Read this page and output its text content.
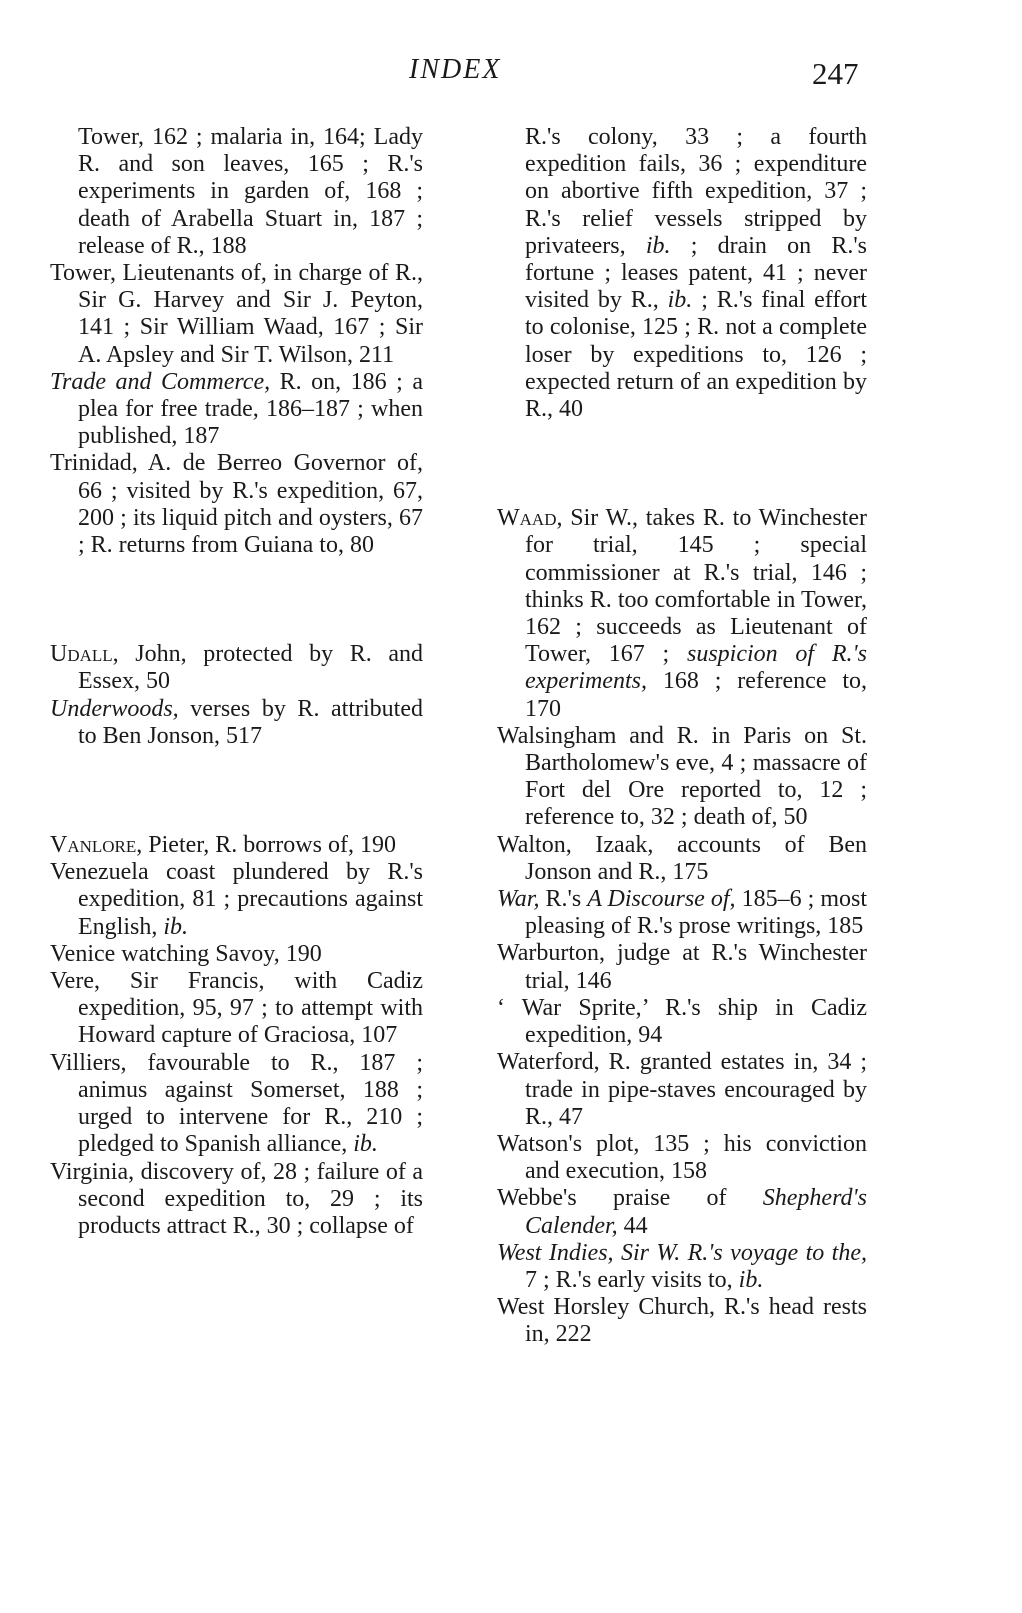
INDEX	247
Tower, 162 ; malaria in, 164; Lady R. and son leaves, 165 ; R.'s experiments in garden of, 168 ; death of Arabella Stuart in, 187 ; release of R., 188
Tower, Lieutenants of, in charge of R., Sir G. Harvey and Sir J. Peyton, 141 ; Sir William Waad, 167 ; Sir A. Apsley and Sir T. Wilson, 211
Trade and Commerce, R. on, 186 ; a plea for free trade, 186–187 ; when published, 187
Trinidad, A. de Berreo Governor of, 66 ; visited by R.'s expedition, 67, 200 ; its liquid pitch and oysters, 67 ; R. returns from Guiana to, 80
Udall, John, protected by R. and Essex, 50
Underwoods, verses by R. attributed to Ben Jonson, 517
Vanlore, Pieter, R. borrows of, 190
Venezuela coast plundered by R.'s expedition, 81 ; precautions against English, ib.
Venice watching Savoy, 190
Vere, Sir Francis, with Cadiz expedition, 95, 97 ; to attempt with Howard capture of Graciosa, 107
Villiers, favourable to R., 187 ; animus against Somerset, 188 ; urged to intervene for R., 210 ; pledged to Spanish alliance, ib.
Virginia, discovery of, 28 ; failure of a second expedition to, 29 ; its products attract R., 30 ; collapse of
R.'s colony, 33 ; a fourth expedition fails, 36 ; expenditure on abortive fifth expedition, 37 ; R.'s relief vessels stripped by privateers, ib. ; drain on R.'s fortune ; leases patent, 41 ; never visited by R., ib. ; R.'s final effort to colonise, 125 ; R. not a complete loser by expeditions to, 126 ; expected return of an expedition by R., 40
Waad, Sir W., takes R. to Winchester for trial, 145 ; special commissioner at R.'s trial, 146 ; thinks R. too comfortable in Tower, 162 ; succeeds as Lieutenant of Tower, 167 ; suspicion of R.'s experiments, 168 ; reference to, 170
Walsingham and R. in Paris on St. Bartholomew's eve, 4 ; massacre of Fort del Ore reported to, 12 ; reference to, 32 ; death of, 50
Walton, Izaak, accounts of Ben Jonson and R., 175
War, R.'s A Discourse of, 185–6 ; most pleasing of R.'s prose writings, 185
Warburton, judge at R.'s Winchester trial, 146
‘ War Sprite,’ R.'s ship in Cadiz expedition, 94
Waterford, R. granted estates in, 34 ; trade in pipe-staves encouraged by R., 47
Watson's plot, 135 ; his conviction and execution, 158
Webbe's praise of Shepherd's Calender, 44
West Indies, Sir W. R.'s voyage to the, 7 ; R.'s early visits to, ib.
West Horsley Church, R.'s head rests in, 222
